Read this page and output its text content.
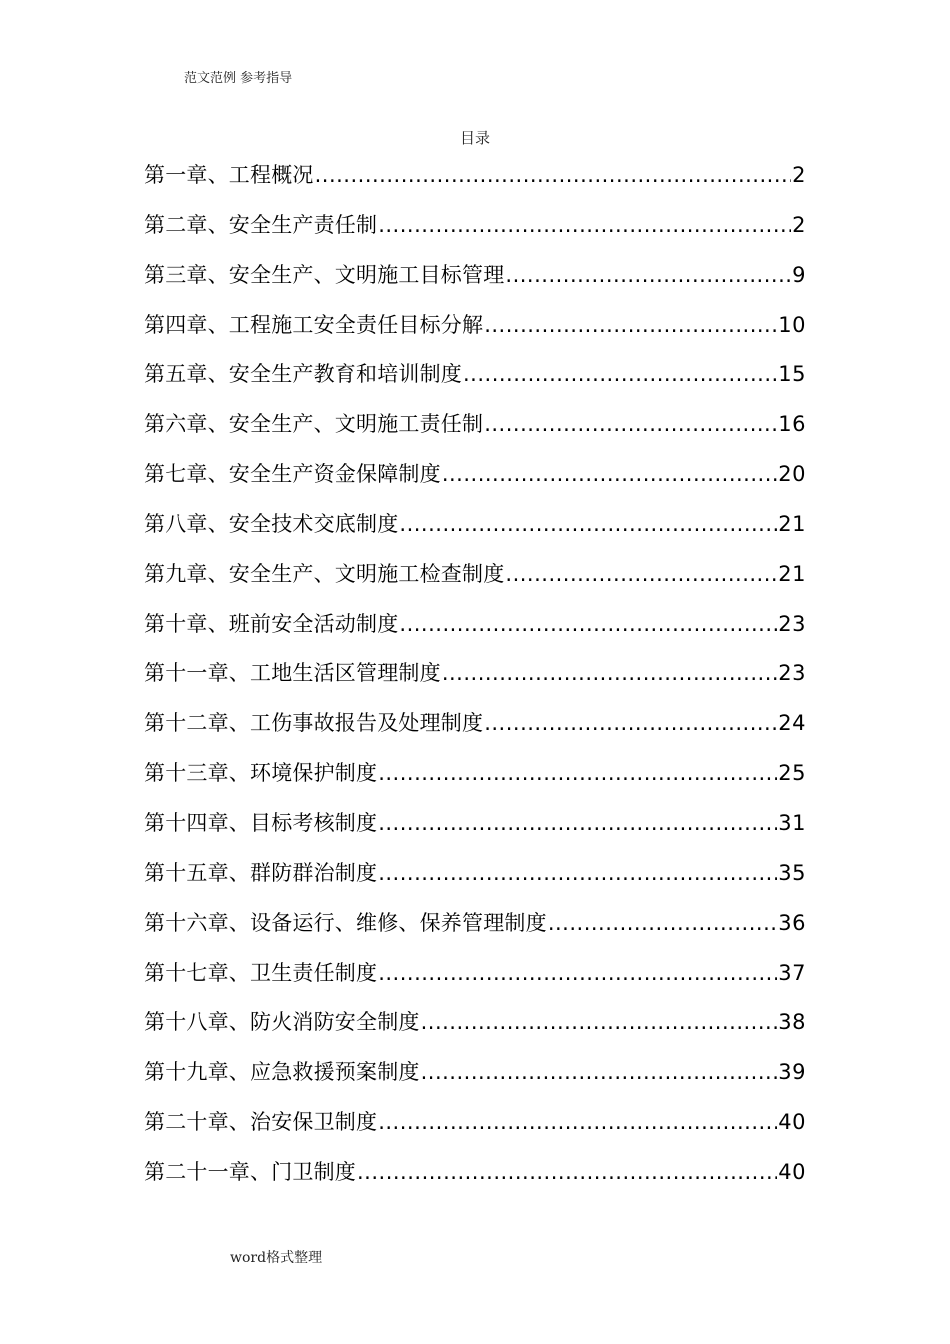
范文范例 参考指导
目录
第一章、工程概况 .....	2
第二章、安全生产责任制 .....	2
第三章、安全生产、文明施工目标管理 .....	9
第四章、工程施工安全责任目标分解 .....	10
第五章、安全生产教育和培训制度 .....	15
第六章、安全生产、文明施工责任制 .....	16
第七章、安全生产资金保障制度 .....	20
第八章、安全技术交底制度 .....	21
第九章、安全生产、文明施工检查制度 .....	21
第十章、班前安全活动制度 .....	23
第十一章、工地生活区管理制度 .....	23
第十二章、工伤事故报告及处理制度 .....	24
第十三章、环境保护制度 .....	25
第十四章、目标考核制度 .....	31
第十五章、群防群治制度 .....	35
第十六章、设备运行、维修、保养管理制度 .....	36
第十七章、卫生责任制度 .....	37
第十八章、防火消防安全制度 .....	38
第十九章、应急救援预案制度 .....	39
第二十章、治安保卫制度 .....	40
第二十一章、门卫制度 .....	40
word格式整理
